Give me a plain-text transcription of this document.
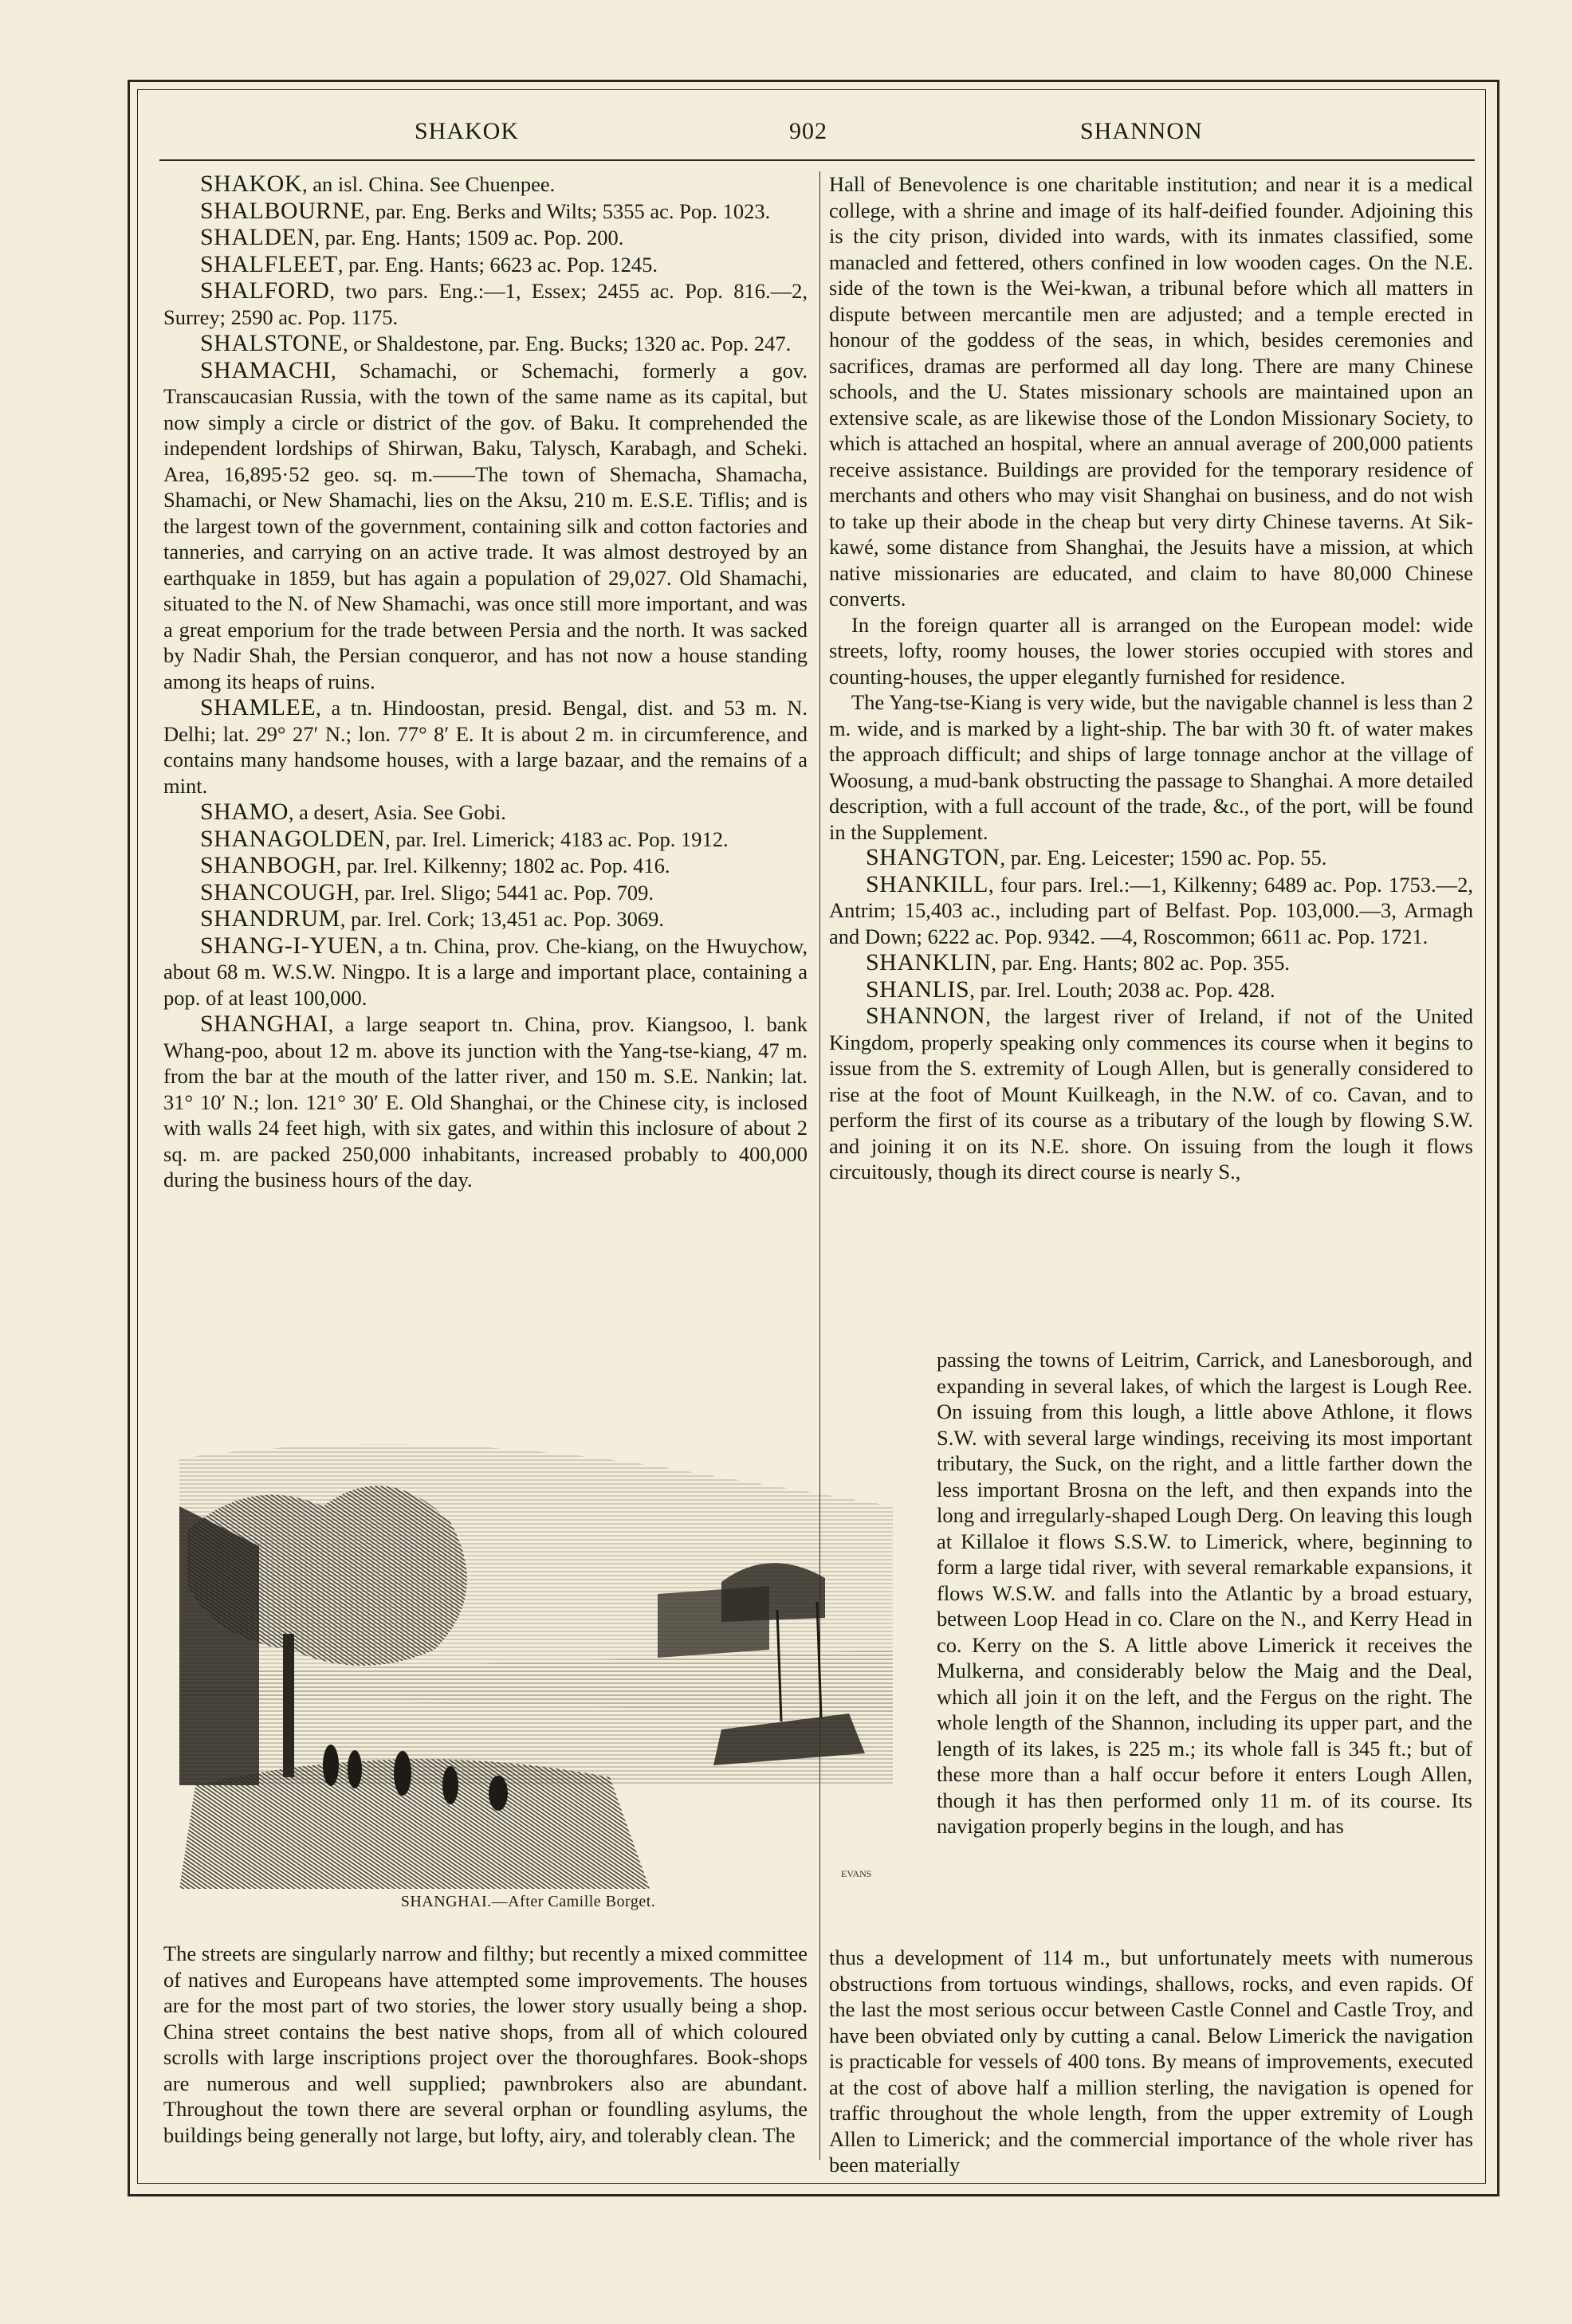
SHAKOK	902	SHANNON

SHAKOK, an isl. China. See Chuenpee.

SHALBOURNE, par. Eng. Berks and Wilts; 5355 ac. Pop. 1023.

SHALDEN, par. Eng. Hants; 1509 ac. Pop. 200.

SHALFLEET, par. Eng. Hants; 6623 ac. Pop. 1245.

SHALFORD, two pars. Eng.:—1, Essex; 2455 ac. Pop. 816.—2, Surrey; 2590 ac. Pop. 1175.

SHALSTONE, or Shaldestone, par. Eng. Bucks; 1320 ac. Pop. 247.

SHAMACHI, Schamachi, or Schemachi, formerly a gov. Transcaucasian Russia, with the town of the same name as its capital, but now simply a circle or district of the gov. of Baku. It comprehended the independent lordships of Shirwan, Baku, Talysch, Karabagh, and Scheki. Area, 16,895·52 geo. sq. m.——The town of Shemacha, Shamacha, Shamachi, or New Shamachi, lies on the Aksu, 210 m. E.S.E. Tiflis; and is the largest town of the government, containing silk and cotton factories and tanneries, and carrying on an active trade. It was almost destroyed by an earthquake in 1859, but has again a population of 29,027. Old Shamachi, situated to the N. of New Shamachi, was once still more important, and was a great emporium for the trade between Persia and the north. It was sacked by Nadir Shah, the Persian conqueror, and has not now a house standing among its heaps of ruins.

SHAMLEE, a tn. Hindoostan, presid. Bengal, dist. and 53 m. N. Delhi; lat. 29° 27′ N.; lon. 77° 8′ E. It is about 2 m. in circumference, and contains many handsome houses, with a large bazaar, and the remains of a mint.

SHAMO, a desert, Asia. See Gobi.

SHANAGOLDEN, par. Irel. Limerick; 4183 ac. Pop. 1912.

SHANBOGH, par. Irel. Kilkenny; 1802 ac. Pop. 416.

SHANCOUGH, par. Irel. Sligo; 5441 ac. Pop. 709.

SHANDRUM, par. Irel. Cork; 13,451 ac. Pop. 3069.

SHANG-I-YUEN, a tn. China, prov. Che-kiang, on the Hwuychow, about 68 m. W.S.W. Ningpo. It is a large and important place, containing a pop. of at least 100,000.

SHANGHAI, a large seaport tn. China, prov. Kiangsoo, l. bank Whang-poo, about 12 m. above its junction with the Yang-tse-kiang, 47 m. from the bar at the mouth of the latter river, and 150 m. S.E. Nankin; lat. 31° 10′ N.; lon. 121° 30′ E. Old Shanghai, or the Chinese city, is inclosed with walls 24 feet high, with six gates, and within this inclosure of about 2 sq. m. are packed 250,000 inhabitants, increased probably to 400,000 during the business hours of the day.

Hall of Benevolence is one charitable institution; and near it is a medical college, with a shrine and image of its half-deified founder. Adjoining this is the city prison, divided into wards, with its inmates classified, some manacled and fettered, others confined in low wooden cages. On the N.E. side of the town is the Wei-kwan, a tribunal before which all matters in dispute between mercantile men are adjusted; and a temple erected in honour of the goddess of the seas, in which, besides ceremonies and sacrifices, dramas are performed all day long. There are many Chinese schools, and the U. States missionary schools are maintained upon an extensive scale, as are likewise those of the London Missionary Society, to which is attached an hospital, where an annual average of 200,000 patients receive assistance. Buildings are provided for the temporary residence of merchants and others who may visit Shanghai on business, and do not wish to take up their abode in the cheap but very dirty Chinese taverns. At Sik-kawé, some distance from Shanghai, the Jesuits have a mission, at which native missionaries are educated, and claim to have 80,000 Chinese converts.

In the foreign quarter all is arranged on the European model: wide streets, lofty, roomy houses, the lower stories occupied with stores and counting-houses, the upper elegantly furnished for residence.

The Yang-tse-Kiang is very wide, but the navigable channel is less than 2 m. wide, and is marked by a light-ship. The bar with 30 ft. of water makes the approach difficult; and ships of large tonnage anchor at the village of Woosung, a mud-bank obstructing the passage to Shanghai. A more detailed description, with a full account of the trade, &c., of the port, will be found in the Supplement.

SHANGTON, par. Eng. Leicester; 1590 ac. Pop. 55.

SHANKILL, four pars. Irel.:—1, Kilkenny; 6489 ac. Pop. 1753.—2, Antrim; 15,403 ac., including part of Belfast. Pop. 103,000.—3, Armagh and Down; 6222 ac. Pop. 9342. —4, Roscommon; 6611 ac. Pop. 1721.

SHANKLIN, par. Eng. Hants; 802 ac. Pop. 355.

SHANLIS, par. Irel. Louth; 2038 ac. Pop. 428.

SHANNON, the largest river of Ireland, if not of the United Kingdom, properly speaking only commences its course when it begins to issue from the S. extremity of Lough Allen, but is generally considered to rise at the foot of Mount Kuilkeagh, in the N.W. of co. Cavan, and to perform the first of its course as a tributary of the lough by flowing S.W. and joining it on its N.E. shore. On issuing from the lough it flows circuitously, though its direct course is nearly S.,

EVANS
SHANGHAI.—After Camille Borget.
passing the towns of Leitrim, Carrick, and Lanesborough, and expanding in several lakes, of which the largest is Lough Ree. On issuing from this lough, a little above Athlone, it flows S.W. with several large windings, receiving its most important tributary, the Suck, on the right, and a little farther down the less important Brosna on the left, and then expands into the long and irregularly-shaped Lough Derg. On leaving this lough at Killaloe it flows S.S.W. to Limerick, where, beginning to form a large tidal river, with several remarkable expansions, it flows W.S.W. and falls into the Atlantic by a broad estuary, between Loop Head in co. Clare on the N., and Kerry Head in co. Kerry on the S. A little above Limerick it receives the Mulkerna, and considerably below the Maig and the Deal, which all join it on the left, and the Fergus on the right. The whole length of the Shannon, including its upper part, and the length of its lakes, is 225 m.; its whole fall is 345 ft.; but of these more than a half occur before it enters Lough Allen, though it has then performed only 11 m. of its course. Its navigation properly begins in the lough, and has
The streets are singularly narrow and filthy; but recently a mixed committee of natives and Europeans have attempted some improvements. The houses are for the most part of two stories, the lower story usually being a shop. China street contains the best native shops, from all of which coloured scrolls with large inscriptions project over the thoroughfares. Book-shops are numerous and well supplied; pawnbrokers also are abundant. Throughout the town there are several orphan or foundling asylums, the buildings being generally not large, but lofty, airy, and tolerably clean. The
thus a development of 114 m., but unfortunately meets with numerous obstructions from tortuous windings, shallows, rocks, and even rapids. Of the last the most serious occur between Castle Connel and Castle Troy, and have been obviated only by cutting a canal. Below Limerick the navigation is practicable for vessels of 400 tons. By means of improvements, executed at the cost of above half a million sterling, the navigation is opened for traffic throughout the whole length, from the upper extremity of Lough Allen to Limerick; and the commercial importance of the whole river has been materially
